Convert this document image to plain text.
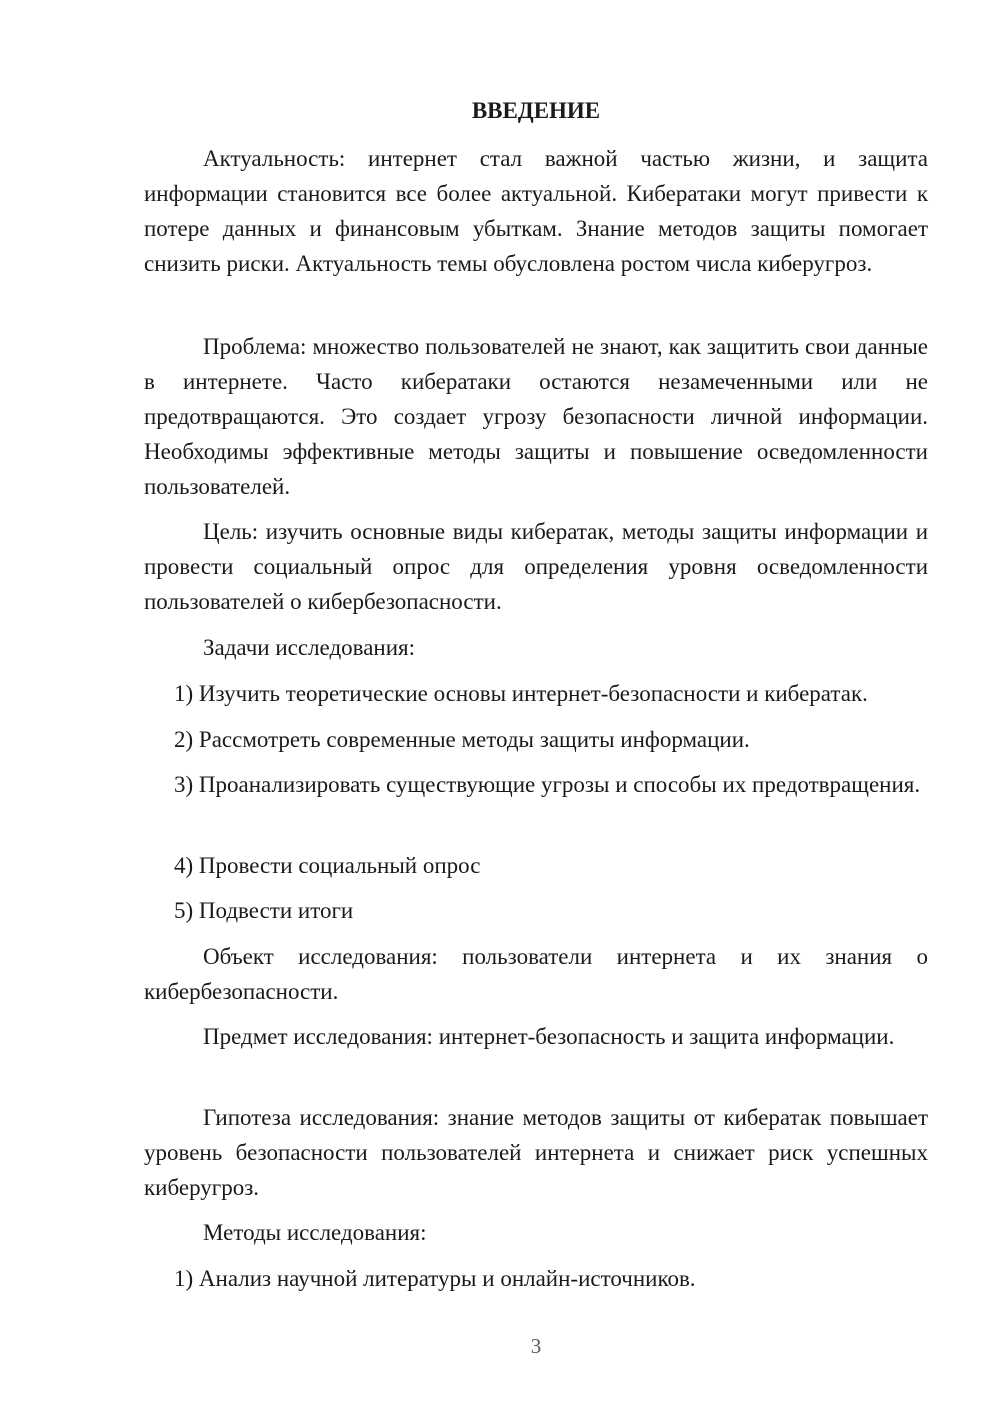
ВВЕДЕНИЕ

Актуальность: интернет стал важной частью жизни, и защита информации становится все более актуальной. Кибератаки могут привести к потере данных и финансовым убыткам. Знание методов защиты помогает снизить риски. Актуальность темы обусловлена ростом числа киберугроз.

Проблема: множество пользователей не знают, как защитить свои данные в интернете. Часто кибератаки остаются незамеченными или не предотвращаются. Это создает угрозу безопасности личной информации. Необходимы эффективные методы защиты и повышение осведомленности пользователей.

Цель: изучить основные виды кибератак, методы защиты информации и провести социальный опрос для определения уровня осведомленности пользователей о кибербезопасности.

Задачи исследования:

1) Изучить теоретические основы интернет-безопасности и кибератак.

2) Рассмотреть современные методы защиты информации.

3) Проанализировать существующие угрозы и способы их предотвращения.

4) Провести социальный опрос

5) Подвести итоги

Объект исследования: пользователи интернета и их знания о кибербезопасности.

Предмет исследования: интернет-безопасность и защита информации.

Гипотеза исследования: знание методов защиты от кибератак повышает уровень безопасности пользователей интернета и снижает риск успешных киберугроз.

Методы исследования:

1) Анализ научной литературы и онлайн-источников.

3
